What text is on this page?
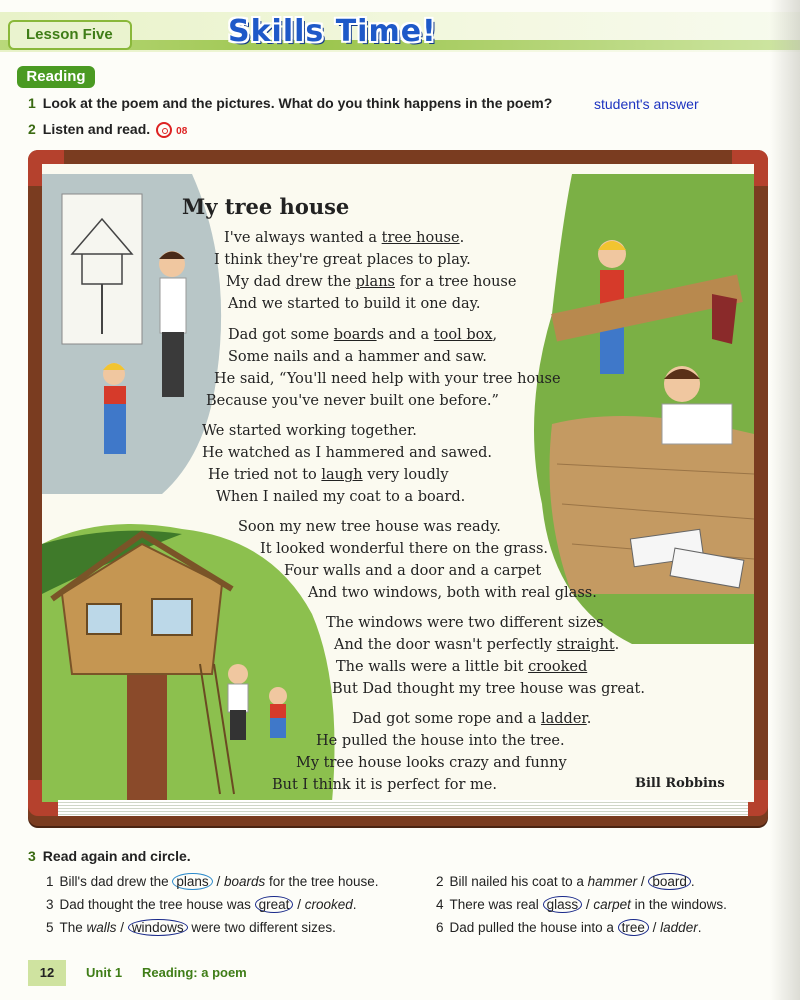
Lesson Five	Skills Time!
Reading
1 Look at the poem and the pictures. What do you think happens in the poem?	student's answer
2 Listen and read.	08
My tree house
Bill Robbins
I've always wanted a tree house.
I think they're great places to play.
My dad drew the plans for a tree house
And we started to build it one day.
Dad got some boards and a tool box,
Some nails and a hammer and saw.
He said, “You'll need help with your tree house
Because you've never built one before.”
We started working together.
He watched as I hammered and sawed.
He tried not to laugh very loudly
When I nailed my coat to a board.
Soon my new tree house was ready.
It looked wonderful there on the grass.
Four walls and a door and a carpet
And two windows, both with real glass.
The windows were two different sizes
And the door wasn't perfectly straight.
The walls were a little bit crooked
But Dad thought my tree house was great.
Dad got some rope and a ladder.
He pulled the house into the tree.
My tree house looks crazy and funny
But I think it is perfect for me.
3 Read again and circle.
12	Unit 1 Reading: a poem
1 Bill's dad drew the plans / boards for the tree house.	2 Bill nailed his coat to a hammer / board .
3 Dad thought the tree house was great / crooked.	4 There was real glass / carpet in the windows.
5 The walls / windows were two different sizes.	6 Dad pulled the house into a tree / ladder.
